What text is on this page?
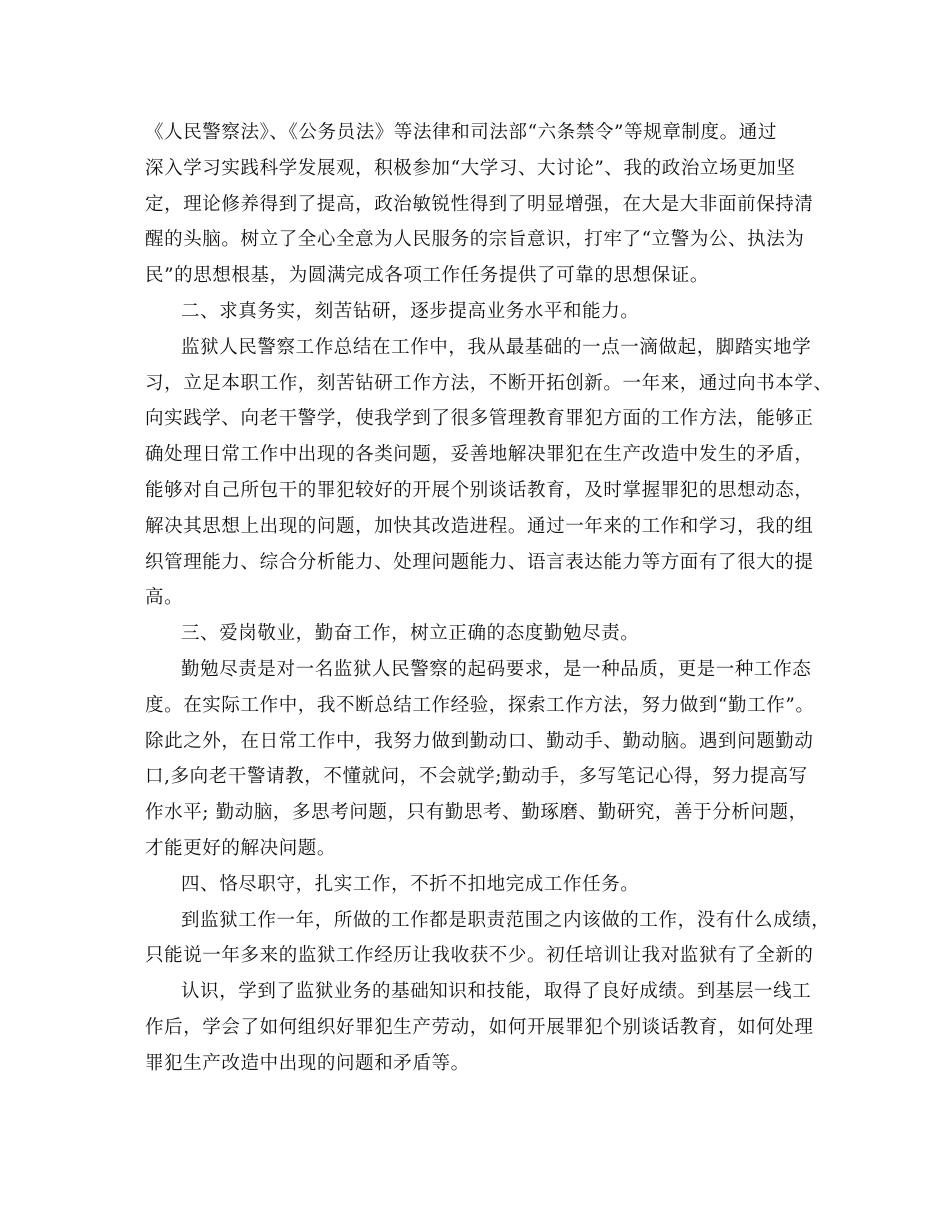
《人民警察法》、《公务员法》等法律和司法部“六条禁令”等规章制度。通过
深入学习实践科学发展观，积极参加“大学习、大讨论”、我的政治立场更加坚
定，理论修养得到了提高，政治敏锐性得到了明显增强，在大是大非面前保持清
醒的头脑。树立了全心全意为人民服务的宗旨意识，打牢了“立警为公、执法为
民”的思想根基，为圆满完成各项工作任务提供了可靠的思想保证。
二、求真务实，刻苦钻研，逐步提高业务水平和能力。
监狱人民警察工作总结在工作中，我从最基础的一点一滴做起，脚踏实地学
习，立足本职工作，刻苦钻研工作方法，不断开拓创新。一年来，通过向书本学、
向实践学、向老干警学，使我学到了很多管理教育罪犯方面的工作方法，能够正
确处理日常工作中出现的各类问题，妥善地解决罪犯在生产改造中发生的矛盾，
能够对自己所包干的罪犯较好的开展个别谈话教育，及时掌握罪犯的思想动态，
解决其思想上出现的问题，加快其改造进程。通过一年来的工作和学习，我的组
织管理能力、综合分析能力、处理问题能力、语言表达能力等方面有了很大的提
高。
三、爱岗敬业，勤奋工作，树立正确的态度勤勉尽责。
勤勉尽责是对一名监狱人民警察的起码要求，是一种品质，更是一种工作态
度。在实际工作中，我不断总结工作经验，探索工作方法，努力做到“勤工作”。
除此之外，在日常工作中，我努力做到勤动口、勤动手、勤动脑。遇到问题勤动
口,多向老干警请教，不懂就问，不会就学;勤动手，多写笔记心得，努力提高写
作水平; 勤动脑，多思考问题，只有勤思考、勤琢磨、勤研究，善于分析问题，
才能更好的解决问题。
四、恪尽职守，扎实工作，不折不扣地完成工作任务。
到监狱工作一年，所做的工作都是职责范围之内该做的工作，没有什么成绩，
只能说一年多来的监狱工作经历让我收获不少。初任培训让我对监狱有了全新的
认识，学到了监狱业务的基础知识和技能，取得了良好成绩。到基层一线工
作后，学会了如何组织好罪犯生产劳动，如何开展罪犯个别谈话教育，如何处理
罪犯生产改造中出现的问题和矛盾等。
